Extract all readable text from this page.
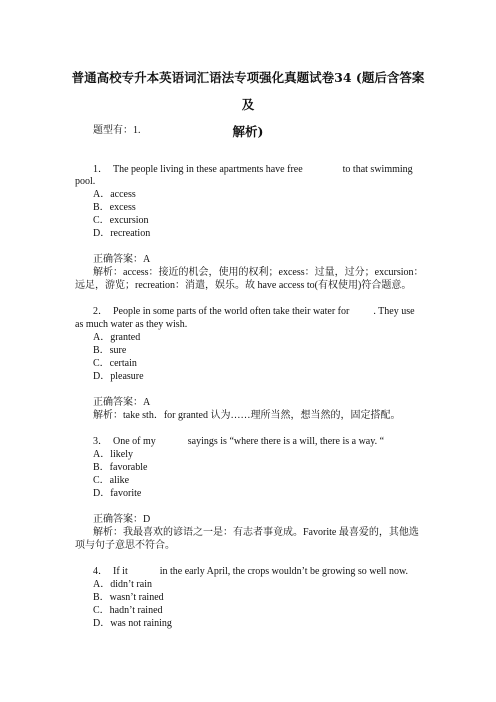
普通高校专升本英语词汇语法专项强化真题试卷34 (题后含答案及
解析)
题型有：1.
1． The people living in these apartments have free	to that swimming
pool.
A．access
B．excess
C．excursion
D．recreation
正确答案：A
解析：access：接近的机会，使用的权利；excess：过量，过分；excursion：
远足，游览；recreation：消遣，娱乐。故 have access to(有权使用)符合题意。
2． People in some parts of the world often take their water for . They use
as much water as they wish.
A．granted
B．sure
C．certain
D．pleasure
正确答案：A
解析：take sth．for granted 认为……理所当然，想当然的，固定搭配。
3． One of my	sayings is “where there is a will, there is a way. “
A．likely
B．favorable
C．alike
D．favorite
正确答案：D
解析：我最喜欢的谚语之一是：有志者事竟成。Favorite 最喜爱的，其他选
项与句子意思不符合。
4． If it	in the early April, the crops wouldn’t be growing so well now.
A．didn’t rain
B．wasn’t rained
C．hadn’t rained
D．was not raining
